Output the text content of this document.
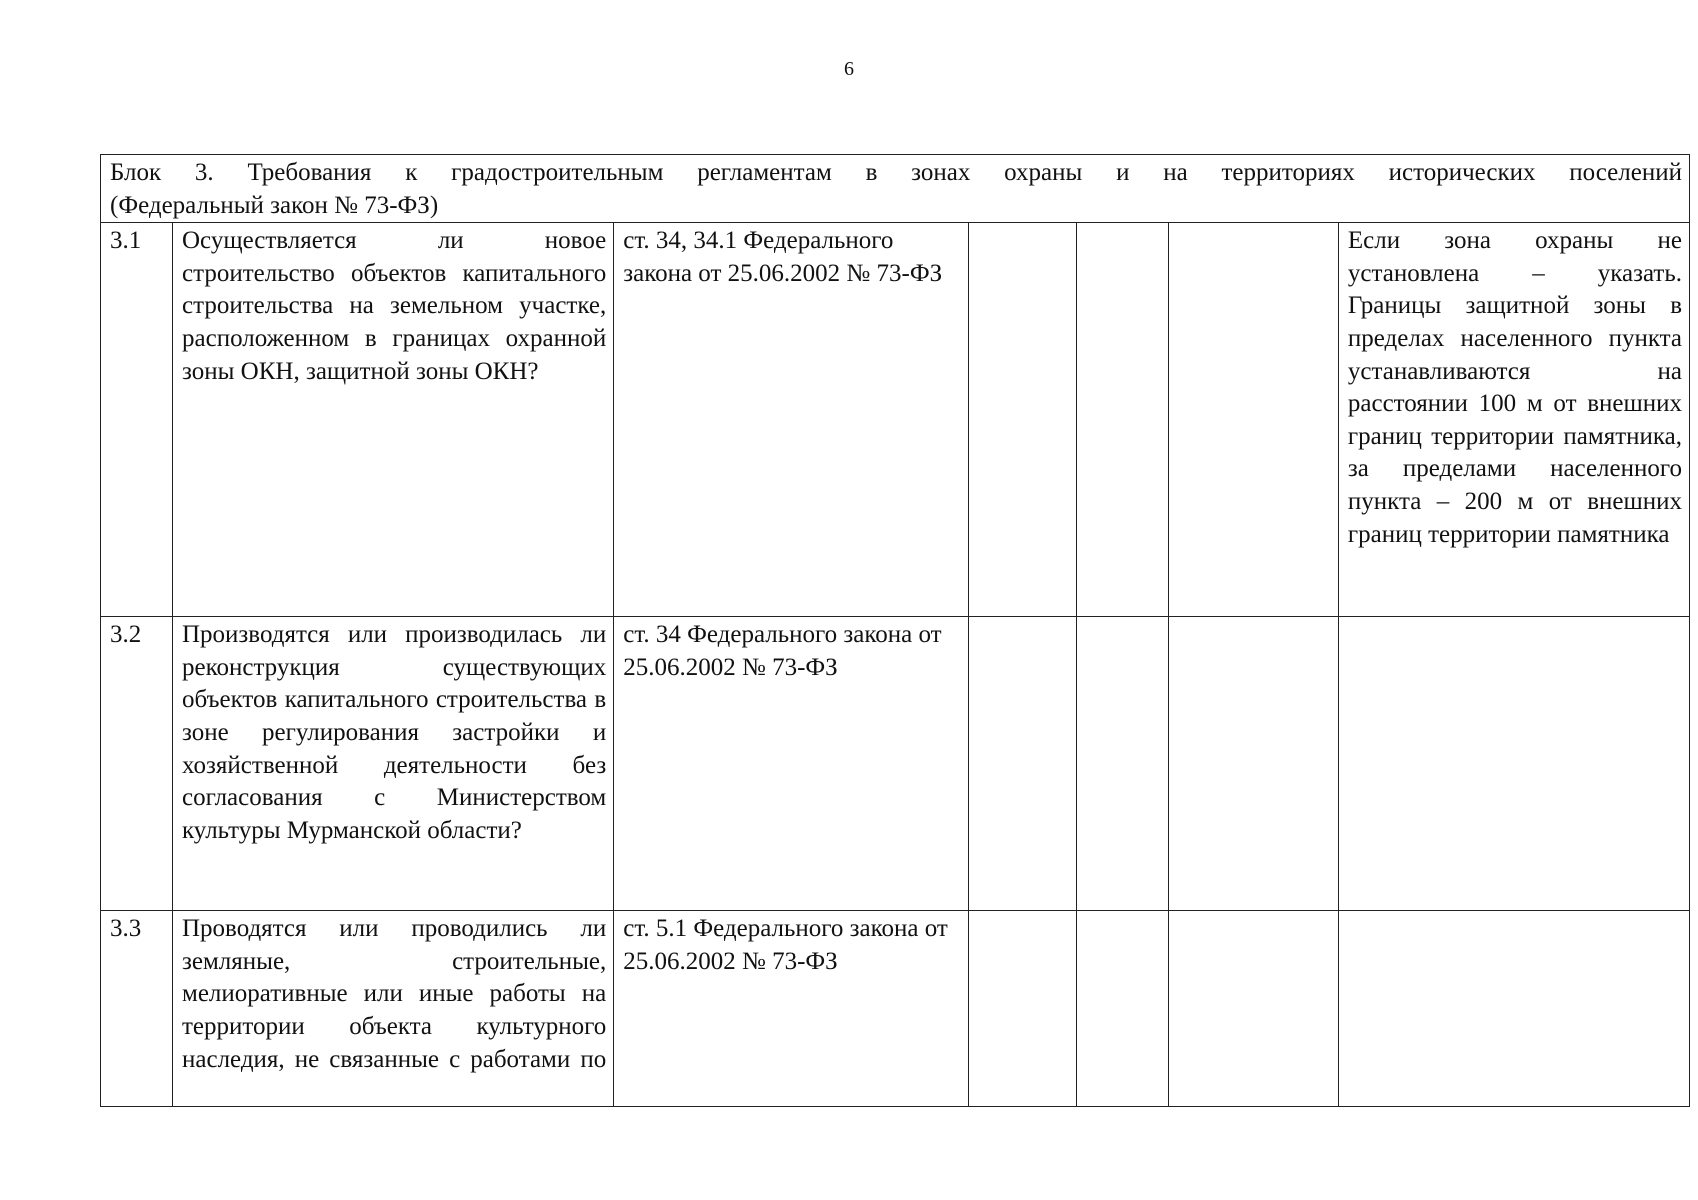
6
Блок 3. Требования к градостроительным регламентам в зонах охраны и на территориях исторических поселений
(Федеральный закон № 73-ФЗ)						

3.1	Осуществляется ли новое строительство объектов капитального строительства на земельном участке, расположенном в границах охранной зоны ОКН, защитной зоны ОКН?	ст. 34, 34.1 Федерального закона от 25.06.2002 № 73-ФЗ				Если зона охраны не установлена – указать. Границы защитной зоны в пределах населенного пункта устанавливаются на расстоянии 100 м от внешних границ территории памятника, за пределами населенного пункта – 200 м от внешних границ территории памятника
3.2	Производятся или производилась ли реконструкция существующих объектов капитального строительства в зоне регулирования застройки и хозяйственной деятельности без согласования с Министерством культуры Мурманской области?	ст. 34 Федерального закона от 25.06.2002 № 73-ФЗ				
3.3	Проводятся или проводились ли земляные, строительные, мелиоративные или иные работы на территории объекта культурного наследия, не связанные с работами по	ст. 5.1 Федерального закона от 25.06.2002 № 73-ФЗ				
